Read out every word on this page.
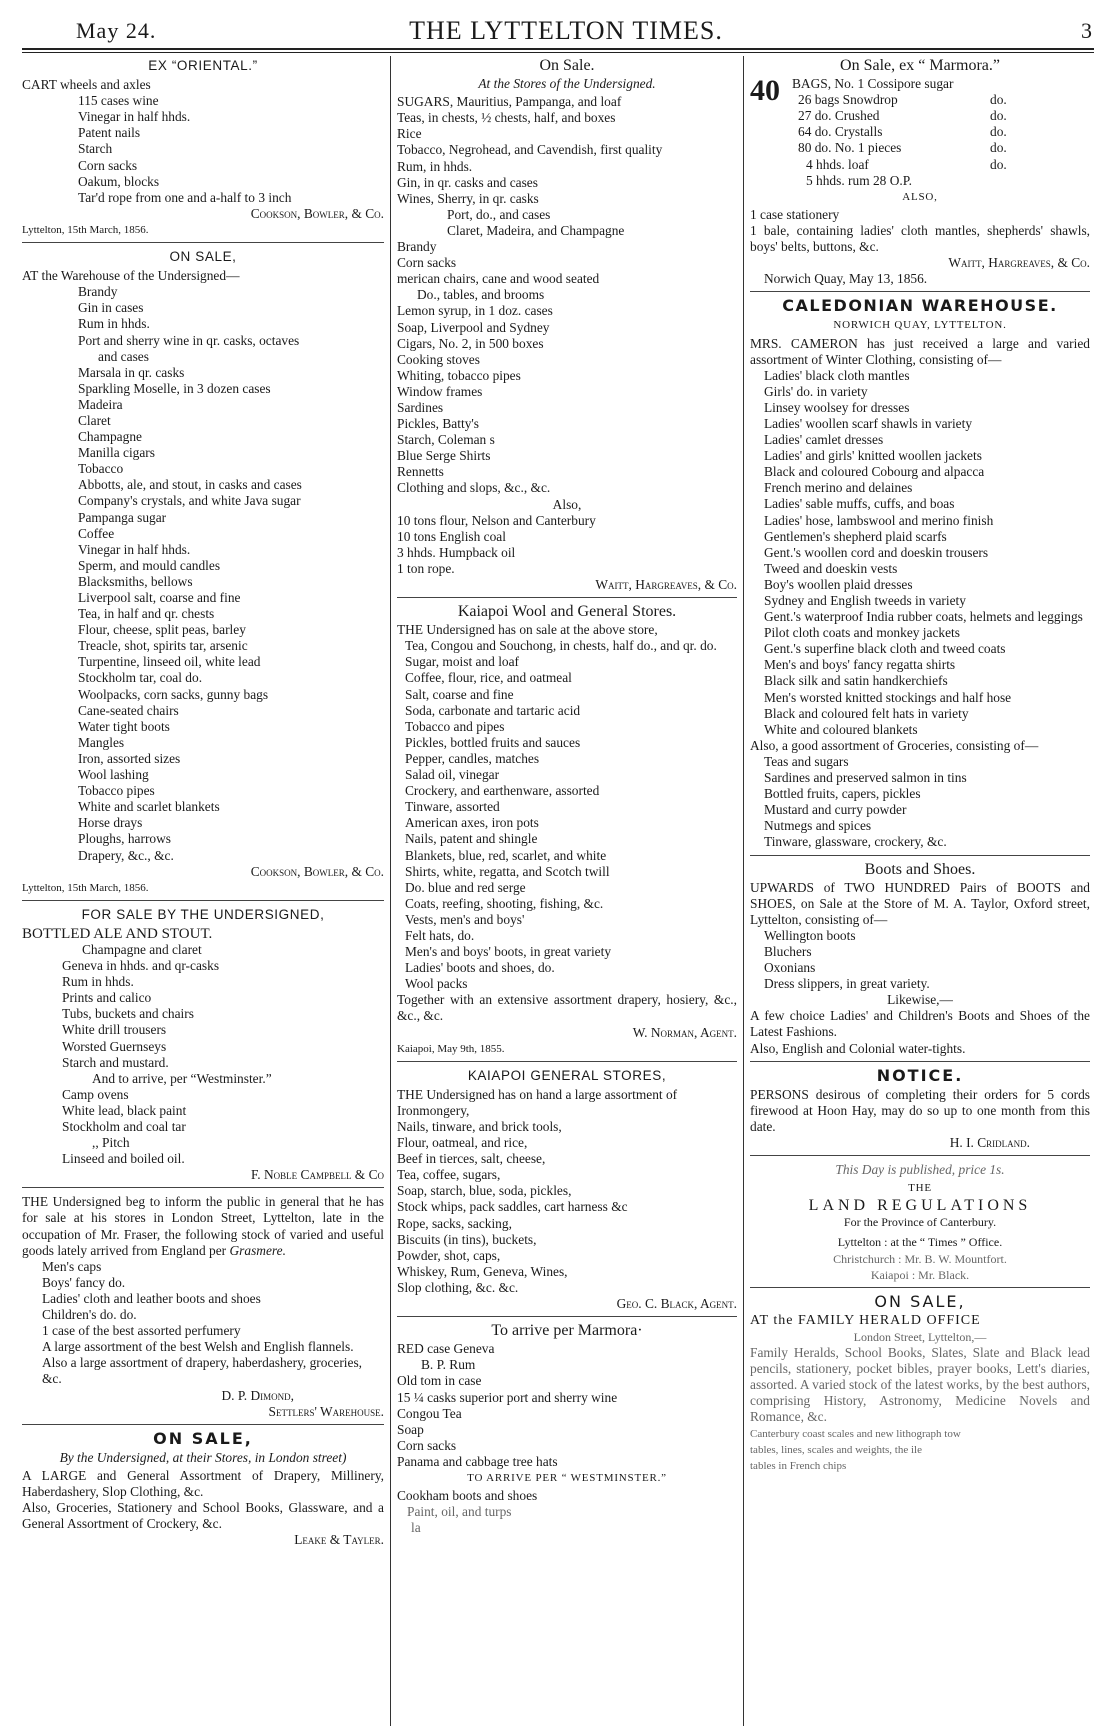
May 24.	THE LYTTELTON TIMES.	3
EX “ORIENTAL.”
CART wheels and axles
115 cases wine
Vinegar in half hhds.
Patent nails
Starch
Corn sacks
Oakum, blocks
Tar'd rope from one and a-half to 3 inch
Cookson, Bowler, & Co.
Lyttelton, 15th March, 1856.
ON SALE,
AT the Warehouse of the Undersigned—
Brandy
Gin in cases
Rum in hhds.
Port and sherry wine in qr. casks, octaves
and cases
Marsala in qr. casks
Sparkling Moselle, in 3 dozen cases
Madeira
Claret
Champagne
Manilla cigars
Tobacco
Abbotts, ale, and stout, in casks and cases
Company's crystals, and white Java sugar
Pampanga sugar
Coffee
Vinegar in half hhds.
Sperm, and mould candles
Blacksmiths, bellows
Liverpool salt, coarse and fine
Tea, in half and qr. chests
Flour, cheese, split peas, barley
Treacle, shot, spirits tar, arsenic
Turpentine, linseed oil, white lead
Stockholm tar, coal do.
Woolpacks, corn sacks, gunny bags
Cane-seated chairs
Water tight boots
Mangles
Iron, assorted sizes
Wool lashing
Tobacco pipes
White and scarlet blankets
Horse drays
Ploughs, harrows
Drapery, &c., &c.
Cookson, Bowler, & Co.
Lyttelton, 15th March, 1856.
FOR SALE BY THE UNDERSIGNED,
BOTTLED ALE AND STOUT.
Champagne and claret
Geneva in hhds. and qr-casks
Rum in hhds.
Prints and calico
Tubs, buckets and chairs
White drill trousers
Worsted Guernseys
Starch and mustard.
And to arrive, per “Westminster.”
Camp ovens
White lead, black paint
Stockholm and coal tar
,, Pitch
Linseed and boiled oil.
F. Noble Campbell & Co
THE Undersigned beg to inform the public in general that he has for sale at his stores in London Street, Lyttelton, late in the occupation of Mr. Fraser, the following stock of varied and useful goods lately arrived from England per Grasmere.
Men's caps
Boys' fancy do.
Ladies' cloth and leather boots and shoes
Children's do. do.
1 case of the best assorted perfumery
A large assortment of the best Welsh and English flannels.
Also a large assortment of drapery, haberdashery, groceries, &c.
D. P. Dimond,
Settlers' Warehouse.
ON SALE,
By the Undersigned, at their Stores, in London street)
A LARGE and General Assortment of Drapery, Millinery, Haberdashery, Slop Clothing, &c.
Also, Groceries, Stationery and School Books, Glassware, and a General Assortment of Crockery, &c.
Leake & Tayler.
On Sale.
At the Stores of the Undersigned.
SUGARS, Mauritius, Pampanga, and loaf
Teas, in chests, ½ chests, half, and boxes
Rice
Tobacco, Negrohead, and Cavendish, first quality
Rum, in hhds.
Gin, in qr. casks and cases
Wines, Sherry, in qr. casks
Port, do., and cases
Claret, Madeira, and Champagne
Brandy
Corn sacks
merican chairs, cane and wood seated
Do., tables, and brooms
Lemon syrup, in 1 doz. cases
Soap, Liverpool and Sydney
Cigars, No. 2, in 500 boxes
Cooking stoves
Whiting, tobacco pipes
Window frames
Sardines
Pickles, Batty's
Starch, Coleman s
Blue Serge Shirts
Rennetts
Clothing and slops, &c., &c.
Also,
10 tons flour, Nelson and Canterbury
10 tons English coal
3 hhds. Humpback oil
1 ton rope.
Waitt, Hargreaves, & Co.
Kaiapoi Wool and General Stores.
THE Undersigned has on sale at the above store,
Tea, Congou and Souchong, in chests, half do., and qr. do.
Sugar, moist and loaf
Coffee, flour, rice, and oatmeal
Salt, coarse and fine
Soda, carbonate and tartaric acid
Tobacco and pipes
Pickles, bottled fruits and sauces
Pepper, candles, matches
Salad oil, vinegar
Crockery, and earthenware, assorted
Tinware, assorted
American axes, iron pots
Nails, patent and shingle
Blankets, blue, red, scarlet, and white
Shirts, white, regatta, and Scotch twill
Do. blue and red serge
Coats, reefing, shooting, fishing, &c.
Vests, men's and boys'
Felt hats, do.
Men's and boys' boots, in great variety
Ladies' boots and shoes, do.
Wool packs
Together with an extensive assortment drapery, hosiery, &c., &c., &c.
W. Norman, Agent.
Kaiapoi, May 9th, 1855.
KAIAPOI GENERAL STORES,
THE Undersigned has on hand a large assortment of
Ironmongery,
Nails, tinware, and brick tools,
Flour, oatmeal, and rice,
Beef in tierces, salt, cheese,
Tea, coffee, sugars,
Soap, starch, blue, soda, pickles,
Stock whips, pack saddles, cart harness &c
Rope, sacks, sacking,
Biscuits (in tins), buckets,
Powder, shot, caps,
Whiskey, Rum, Geneva, Wines,
Slop clothing, &c. &c.
Geo. C. Black, Agent.
To arrive per Marmora·
RED case Geneva
B. P. Rum
Old tom in case
15 ¼ casks superior port and sherry wine
Congou Tea
Soap
Corn sacks
Panama and cabbage tree hats
TO ARRIVE PER “ WESTMINSTER.”
Cookham boots and shoes
Paint, oil, and turps
la
On Sale, ex “ Marmora.”
40 BAGS, No. 1 Cossipore sugar
26 bags Snowdrop	do.
27 do. Crushed	do.
64 do. Crystalls	do.
80 do. No. 1 pieces	do.
4 hhds. loaf	do.
5 hhds. rum 28 O.P.
ALSO,
1 case stationery
1 bale, containing ladies' cloth mantles, shepherds' shawls, boys' belts, buttons, &c.
Waitt, Hargreaves, & Co.
Norwich Quay, May 13, 1856.
CALEDONIAN WAREHOUSE.
NORWICH QUAY, LYTTELTON.
MRS. CAMERON has just received a large and varied assortment of Winter Clothing, consisting of—
Ladies' black cloth mantles
Girls' do. in variety
Linsey woolsey for dresses
Ladies' woollen scarf shawls in variety
Ladies' camlet dresses
Ladies' and girls' knitted woollen jackets
Black and coloured Cobourg and alpacca
French merino and delaines
Ladies' sable muffs, cuffs, and boas
Ladies' hose, lambswool and merino finish
Gentlemen's shepherd plaid scarfs
Gent.'s woollen cord and doeskin trousers
Tweed and doeskin vests
Boy's woollen plaid dresses
Sydney and English tweeds in variety
Gent.'s waterproof India rubber coats, helmets and leggings
Pilot cloth coats and monkey jackets
Gent.'s superfine black cloth and tweed coats
Men's and boys' fancy regatta shirts
Black silk and satin handkerchiefs
Men's worsted knitted stockings and half hose
Black and coloured felt hats in variety
White and coloured blankets
Also, a good assortment of Groceries, consisting of—
Teas and sugars
Sardines and preserved salmon in tins
Bottled fruits, capers, pickles
Mustard and curry powder
Nutmegs and spices
Tinware, glassware, crockery, &c.
Boots and Shoes.
UPWARDS of TWO HUNDRED Pairs of BOOTS and SHOES, on Sale at the Store of M. A. Taylor, Oxford street, Lyttelton, consisting of—
Wellington boots
Bluchers
Oxonians
Dress slippers, in great variety.
Likewise,—
A few choice Ladies' and Children's Boots and Shoes of the Latest Fashions.
Also, English and Colonial water-tights.
NOTICE.
PERSONS desirous of completing their orders for 5 cords firewood at Hoon Hay, may do so up to one month from this date.
H. I. Cridland.
This Day is published, price 1s.
THE
LAND REGULATIONS
For the Province of Canterbury.
Lyttelton : at the “ Times ” Office.
Christchurch : Mr. B. W. Mountfort.
Kaiapoi : Mr. Black.
ON SALE,
AT the FAMILY HERALD OFFICE
London Street, Lyttelton,—
Family Heralds, School Books, Slates, Slate and Black lead pencils, stationery, pocket bibles, prayer books, Lett's diaries, assorted. A varied stock of the latest works, by the best authors, comprising History, Astronomy, Medicine Novels and Romance, &c.
Canterbury coast scales and new lithograph tow
tables, lines, scales and weights, the ile
tables in French chips
